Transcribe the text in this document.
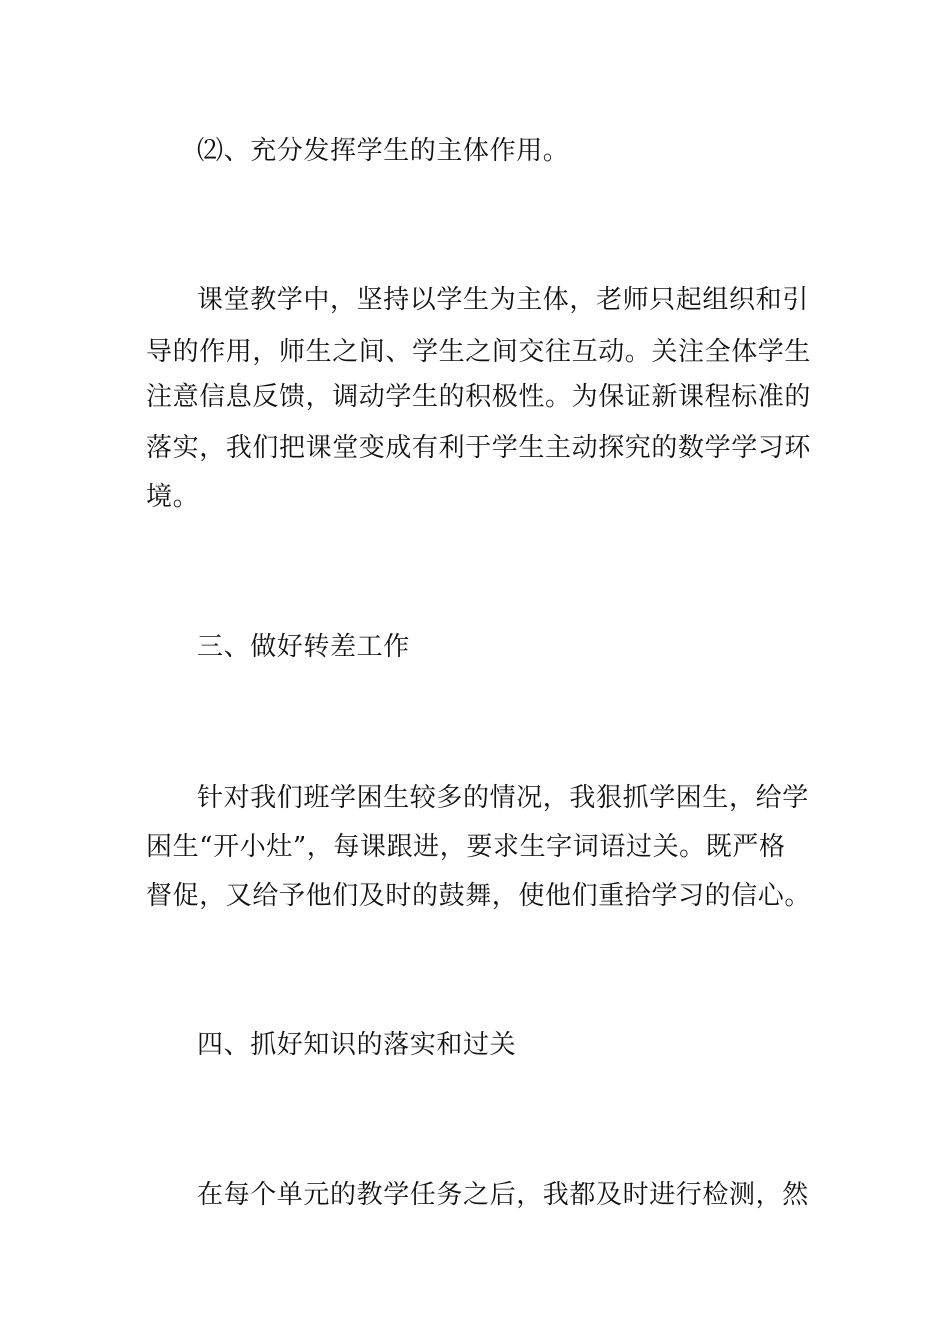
⑵、充分发挥学生的主体作用。
课堂教学中，坚持以学生为主体，老师只起组织和引
导的作用，师生之间、学生之间交往互动。关注全体学生
注意信息反馈，调动学生的积极性。为保证新课程标准的
落实，我们把课堂变成有利于学生主动探究的数学学习环
境。
三、做好转差工作
针对我们班学困生较多的情况，我狠抓学困生，给学
困生“开小灶”，每课跟进，要求生字词语过关。既严格
督促，又给予他们及时的鼓舞，使他们重拾学习的信心。
四、抓好知识的落实和过关
在每个单元的教学任务之后，我都及时进行检测，然
